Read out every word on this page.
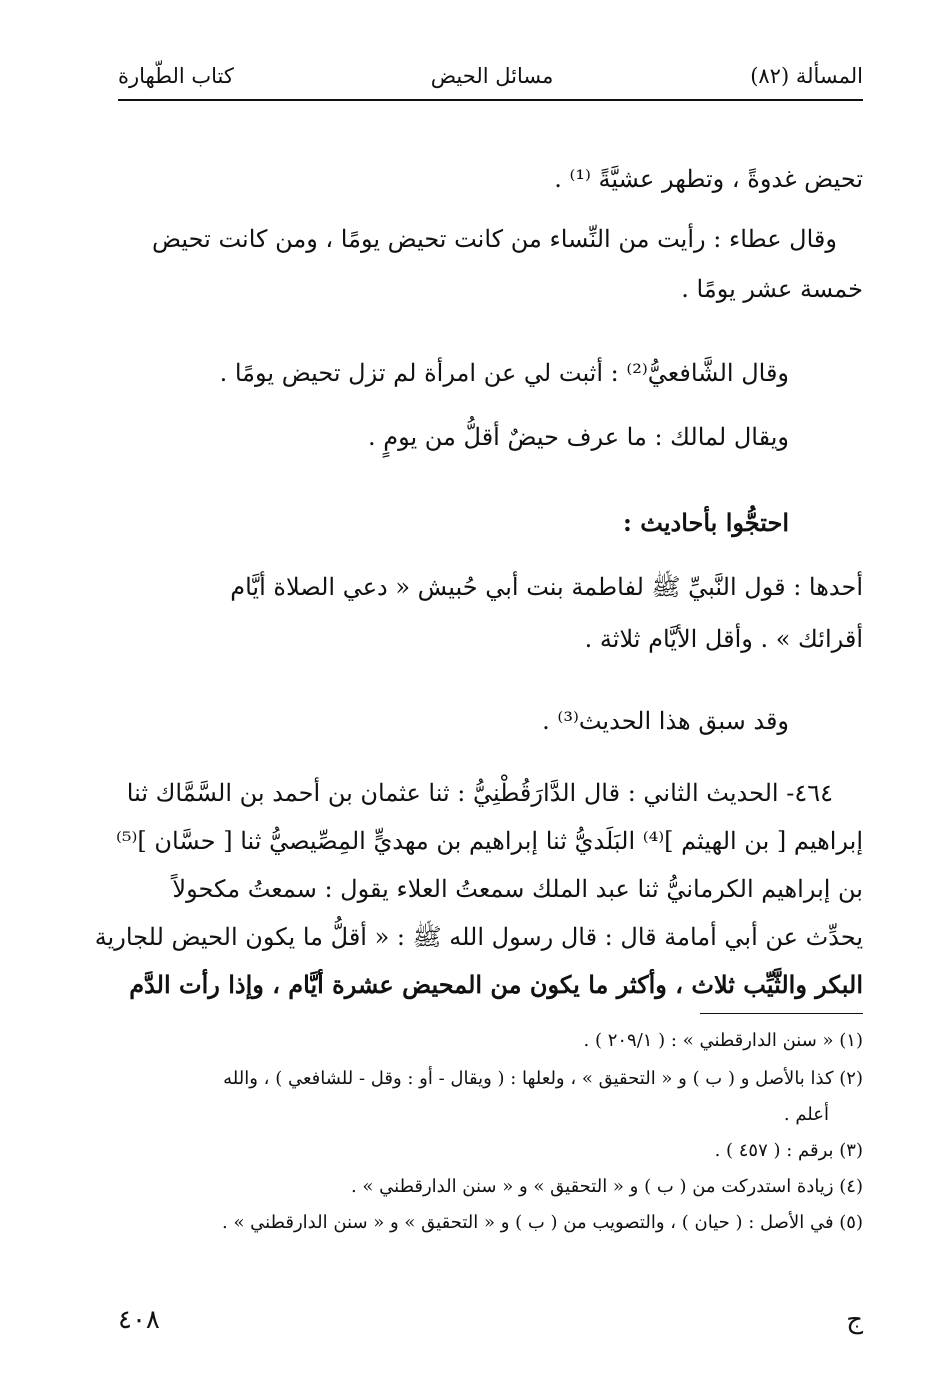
كتاب الطّهارة	مسائل الحيض	المسألة (٨٢)
تحيض غدوةً ، وتطهر عشيَّةً ⁽¹⁾ .
وقال عطاء : رأيت من النِّساء من كانت تحيض يومًا ، ومن كانت تحيض
خمسة عشر يومًا .
وقال الشَّافعيُّ⁽²⁾ : أثبت لي عن امرأة لم تزل تحيض يومًا .
ويقال لمالك : ما عرف حيضٌ أقلُّ من يومٍ .
احتجُّوا بأحاديث :
أحدها : قول النَّبيِّ ﷺ لفاطمة بنت أبي حُبيش « دعي الصلاة أيَّام
أقرائك » . وأقل الأيَّام ثلاثة .
وقد سبق هذا الحديث⁽³⁾ .
٤٦٤- الحديث الثاني : قال الدَّارَقُطْنِيُّ : ثنا عثمان بن أحمد بن السَّمَّاك ثنا
إبراهيم [ بن الهيثم ]⁽⁴⁾ البَلَديُّ ثنا إبراهيم بن مهديٍّ المِصِّيصيُّ ثنا [ حسَّان ]⁽⁵⁾
بن إبراهيم الكرمانيُّ ثنا عبد الملك سمعتُ العلاء يقول : سمعتُ مكحولاً
يحدِّث عن أبي أمامة قال : قال رسول الله ﷺ : « أقلُّ ما يكون الحيض للجارية
البكر والثَّيِّب ثلاث ، وأكثر ما يكون من المحيض عشرة أيَّام ، وإذا رأت الدَّم
(١) « سنن الدارقطني » : ( ٢٠٩/١ ) .
(٢) كذا بالأصل و ( ب ) و « التحقيق » ، ولعلها : ( ويقال - أو : وقل - للشافعي ) ، والله
أعلم .
(٣) برقم : ( ٤٥٧ ) .
(٤) زيادة استدركت من ( ب ) و « التحقيق » و « سنن الدارقطني » .
(٥) في الأصل : ( حيان ) ، والتصويب من ( ب ) و « التحقيق » و « سنن الدارقطني » .
٤٠٨	ج
